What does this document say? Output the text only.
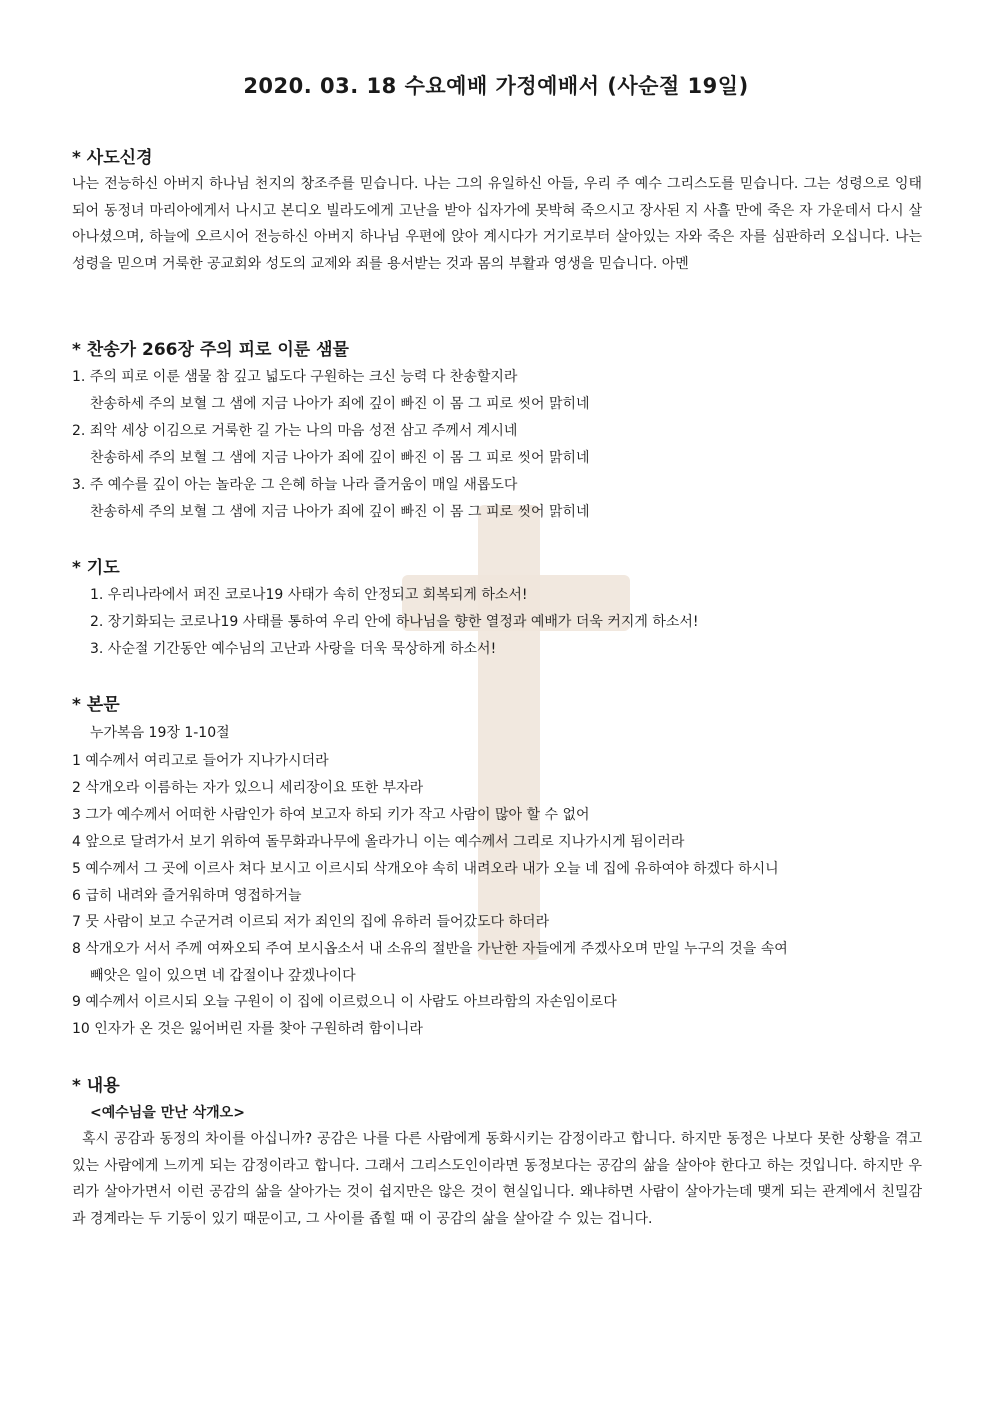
2020. 03. 18 수요예배 가정예배서 (사순절 19일)
* 사도신경
나는 전능하신 아버지 하나님 천지의 창조주를 믿습니다. 나는 그의 유일하신 아들, 우리 주 예수 그리스도를 믿습니다. 그는 성령으로 잉태되어 동정녀 마리아에게서 나시고 본디오 빌라도에게 고난을 받아 십자가에 못박혀 죽으시고 장사된 지 사흘 만에 죽은 자 가운데서 다시 살아나셨으며, 하늘에 오르시어 전능하신 아버지 하나님 우편에 앉아 계시다가 거기로부터 살아있는 자와 죽은 자를 심판하러 오십니다. 나는 성령을 믿으며 거룩한 공교회와 성도의 교제와 죄를 용서받는 것과 몸의 부활과 영생을 믿습니다. 아멘
* 찬송가 266장 주의 피로 이룬 샘물
1. 주의 피로 이룬 샘물 참 깊고 넓도다 구원하는 크신 능력 다 찬송할지라
찬송하세 주의 보혈 그 샘에 지금 나아가 죄에 깊이 빠진 이 몸 그 피로 씻어 맑히네
2. 죄악 세상 이김으로 거룩한 길 가는 나의 마음 성전 삼고 주께서 계시네
찬송하세 주의 보혈 그 샘에 지금 나아가 죄에 깊이 빠진 이 몸 그 피로 씻어 맑히네
3. 주 예수를 깊이 아는 놀라운 그 은혜 하늘 나라 즐거움이 매일 새롭도다
찬송하세 주의 보혈 그 샘에 지금 나아가 죄에 깊이 빠진 이 몸 그 피로 씻어 맑히네
* 기도
1. 우리나라에서 퍼진 코로나19 사태가 속히 안정되고 회복되게 하소서!
2. 장기화되는 코로나19 사태를 통하여 우리 안에 하나님을 향한 열정과 예배가 더욱 커지게 하소서!
3. 사순절 기간동안 예수님의 고난과 사랑을 더욱 묵상하게 하소서!
* 본문
누가복음 19장 1-10절
1 예수께서 여리고로 들어가 지나가시더라
2 삭개오라 이름하는 자가 있으니 세리장이요 또한 부자라
3 그가 예수께서 어떠한 사람인가 하여 보고자 하되 키가 작고 사람이 많아 할 수 없어
4 앞으로 달려가서 보기 위하여 돌무화과나무에 올라가니 이는 예수께서 그리로 지나가시게 됨이러라
5 예수께서 그 곳에 이르사 쳐다 보시고 이르시되 삭개오야 속히 내려오라 내가 오늘 네 집에 유하여야 하겠다 하시니
6 급히 내려와 즐거워하며 영접하거늘
7 뭇 사람이 보고 수군거려 이르되 저가 죄인의 집에 유하러 들어갔도다 하더라
8 삭개오가 서서 주께 여짜오되 주여 보시옵소서 내 소유의 절반을 가난한 자들에게 주겠사오며 만일 누구의 것을 속여
빼앗은 일이 있으면 네 갑절이나 갚겠나이다
9 예수께서 이르시되 오늘 구원이 이 집에 이르렀으니 이 사람도 아브라함의 자손임이로다
10 인자가 온 것은 잃어버린 자를 찾아 구원하려 함이니라
* 내용
<예수님을 만난 삭개오>
혹시 공감과 동정의 차이를 아십니까? 공감은 나를 다른 사람에게 동화시키는 감정이라고 합니다. 하지만 동정은 나보다 못한 상황을 겪고 있는 사람에게 느끼게 되는 감정이라고 합니다. 그래서 그리스도인이라면 동정보다는 공감의 삶을 살아야 한다고 하는 것입니다. 하지만 우리가 살아가면서 이런 공감의 삶을 살아가는 것이 쉽지만은 않은 것이 현실입니다. 왜냐하면 사람이 살아가는데 맺게 되는 관계에서 친밀감과 경계라는 두 기둥이 있기 때문이고, 그 사이를 좁힐 때 이 공감의 삶을 살아갈 수 있는 겁니다.
